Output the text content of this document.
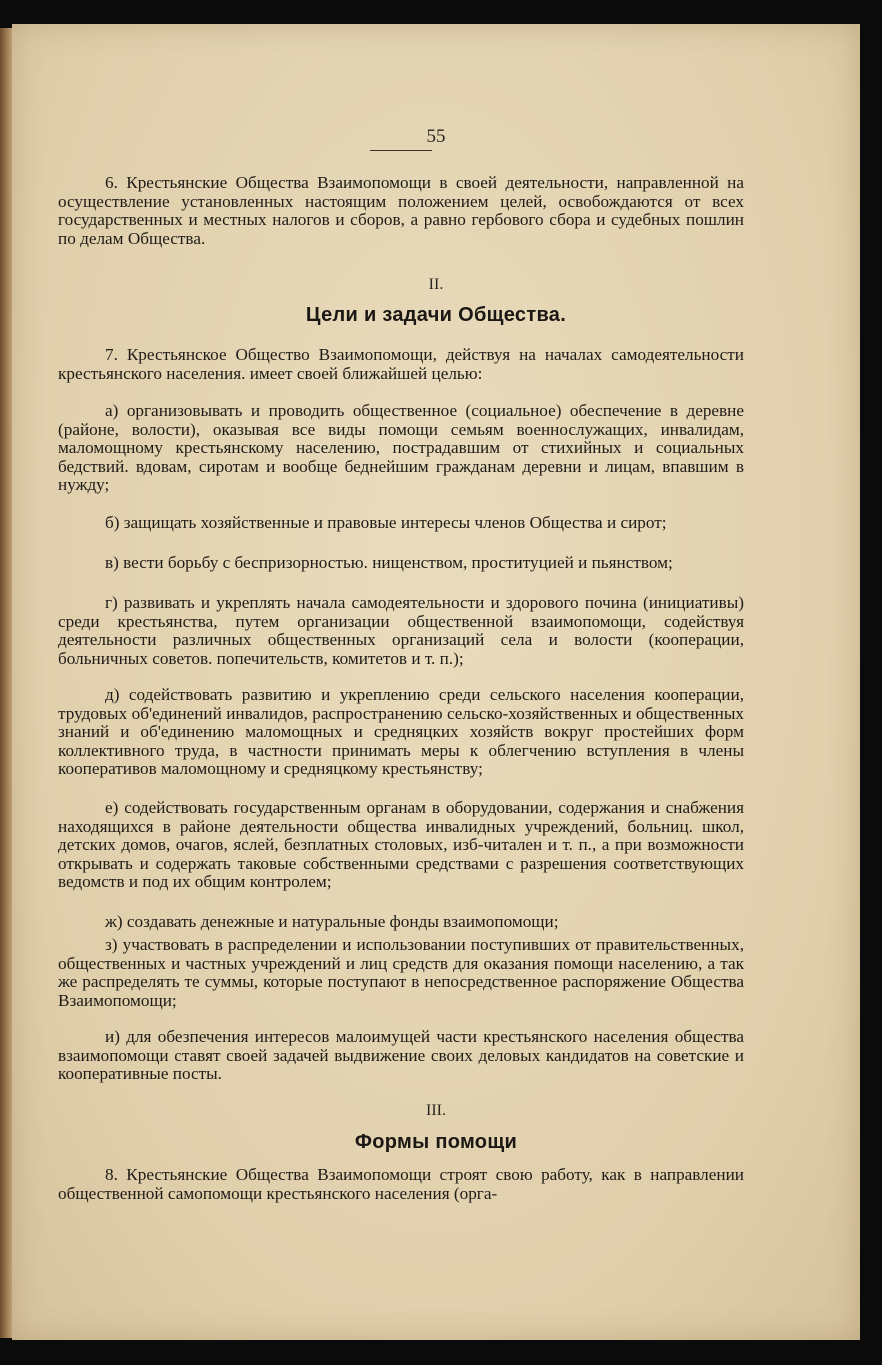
55

6. Крестьянские Общества Взаимопомощи в своей деятельности, направленной на осуществление установленных настоящим положением целей, освобождаются от всех государственных и местных налогов и сборов, а равно гербового сбора и судебных пошлин по делам Общества.

II.
Цели и задачи Общества.

7. Крестьянское Общество Взаимопомощи, действуя на началах самодеятельности крестьянского населения. имеет своей ближайшей целью:

а) организовывать и проводить общественное (социальное) обеспечение в деревне (районе, волости), оказывая все виды помощи семьям военнослужащих, инвалидам, маломощному крестьянскому населению, пострадавшим от стихийных и социальных бедствий. вдовам, сиротам и вообще беднейшим гражданам деревни и лицам, впавшим в нужду;

б) защищать хозяйственные и правовые интересы членов Общества и сирот;

в) вести борьбу с беспризорностью. нищенством, проституцией и пьянством;

г) развивать и укреплять начала самодеятельности и здорового почина (инициативы) среди крестьянства, путем организации общественной взаимопомощи, содействуя деятельности различных общественных организаций села и волости (кооперации, больничных советов. попечительств, комитетов и т. п.);

д) содействовать развитию и укреплению среди сельского населения кооперации, трудовых об'единений инвалидов, распространению сельско-хозяйственных и общественных знаний и об'единению маломощных и средняцких хозяйств вокруг простейших форм коллективного труда, в частности принимать меры к облегчению вступления в члены кооперативов маломощному и средняцкому крестьянству;

е) содействовать государственным органам в оборудовании, содержания и снабжения находящихся в районе деятельности общества инвалидных учреждений, больниц. школ, детских домов, очагов, яслей, безплатных столовых, изб-читален и т. п., а при возможности открывать и содержать таковые собственными средствами с разрешения соответствующих ведомств и под их общим контролем;

ж) создавать денежные и натуральные фонды взаимопомощи;

з) участвовать в распределении и использовании поступивших от правительственных, общественных и частных учреждений и лиц средств для оказания помощи населению, а так же распределять те суммы, которые поступают в непосредственное распоряжение Общества Взаимопомощи;

и) для обезпечения интересов малоимущей части крестьянского населения общества взаимопомощи ставят своей задачей выдвижение своих деловых кандидатов на советские и кооперативные посты.

III.
Формы помощи

8. Крестьянские Общества Взаимопомощи строят свою работу, как в направлении общественной самопомощи крестьянского населения (орга-
